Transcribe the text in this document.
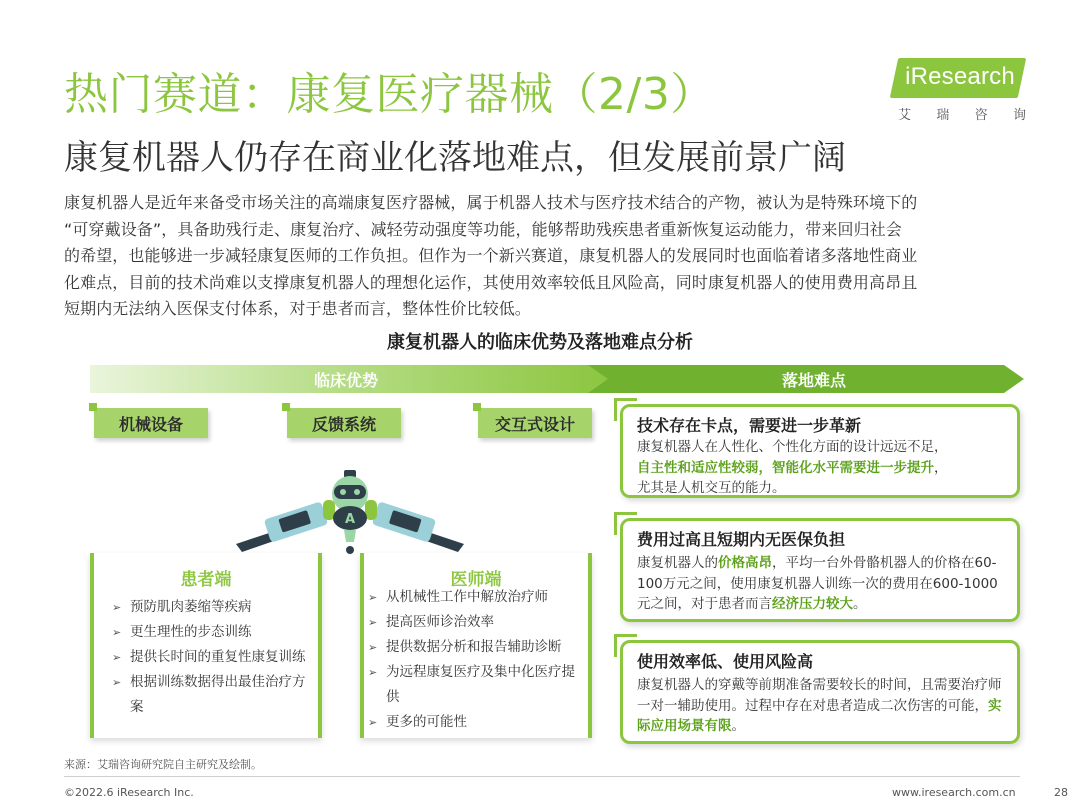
热门赛道：康复医疗器械（2/3）
康复机器人仍存在商业化落地难点，但发展前景广阔
iResearch
艾 瑞 咨 询
康复机器人是近年来备受市场关注的高端康复医疗器械，属于机器人技术与医疗技术结合的产物，被认为是特殊环境下的
“可穿戴设备”，具备助残行走、康复治疗、减轻劳动强度等功能，能够帮助残疾患者重新恢复运动能力，带来回归社会
的希望，也能够进一步减轻康复医师的工作负担。但作为一个新兴赛道，康复机器人的发展同时也面临着诸多落地性商业
化难点，目前的技术尚难以支撑康复机器人的理想化运作，其使用效率较低且风险高，同时康复机器人的使用费用高昂且
短期内无法纳入医保支付体系，对于患者而言，整体性价比较低。
康复机器人的临床优势及落地难点分析
临床优势	落地难点
机械设备	反馈系统	交互式设计
A
患者端
➢ 预防肌肉萎缩等疾病
➢ 更生理性的步态训练
➢ 提供长时间的重复性康复训练
➢ 根据训练数据得出最佳治疗方案
医师端
➢ 从机械性工作中解放治疗师
➢ 提高医师诊治效率
➢ 提供数据分析和报告辅助诊断
➢ 为远程康复医疗及集中化医疗提供
➢ 更多的可能性
技术存在卡点，需要进一步革新
康复机器人在人性化、个性化方面的设计远远不足，
自主性和适应性较弱，智能化水平需要进一步提升，
尤其是人机交互的能力。
费用过高且短期内无医保负担
康复机器人的价格高昂，平均一台外骨骼机器人的价格在60-100万元之间，使用康复机器人训练一次的费用在600-1000元之间，对于患者而言经济压力较大。
使用效率低、使用风险高
康复机器人的穿戴等前期准备需要较长的时间，且需要治疗师一对一辅助使用。过程中存在对患者造成二次伤害的可能，实际应用场景有限。
来源：艾瑞咨询研究院自主研究及绘制。
©2022.6 iResearch Inc.	www.iresearch.com.cn	28
